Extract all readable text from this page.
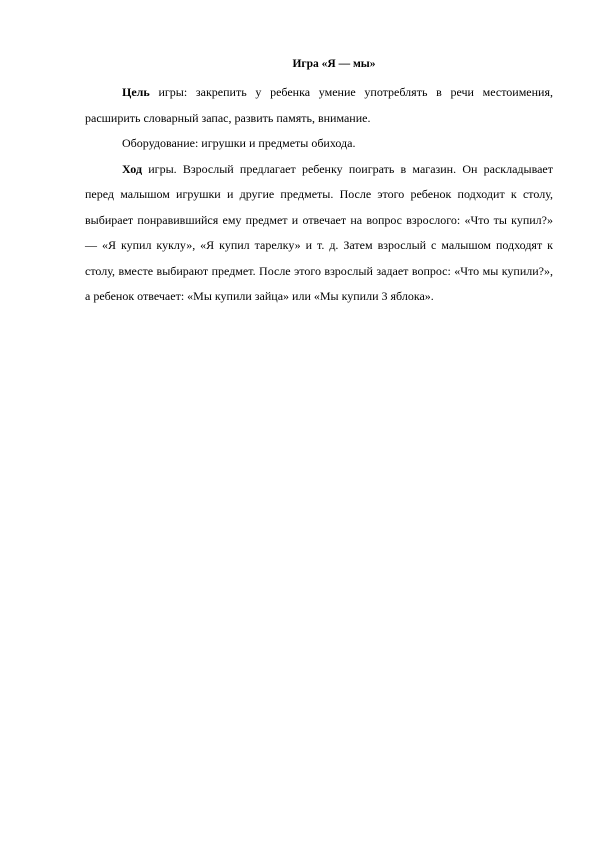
Игра «Я — мы»

Цель игры: закрепить у ребенка умение употреблять в речи местоимения, расширить словарный запас, развить память, внимание.

Оборудование: игрушки и предметы обихода.

Ход игры. Взрослый предлагает ребенку поиграть в магазин. Он раскладывает перед малышом игрушки и другие предметы. После этого ребенок подходит к столу, выбирает понравившийся ему предмет и отвечает на вопрос взрослого: «Что ты купил?» — «Я купил куклу», «Я купил тарелку» и т. д. Затем взрослый с малышом подходят к столу, вместе выбирают предмет. После этого взрослый задает вопрос: «Что мы купили?», а ребенок отвечает: «Мы купили зайца» или «Мы купили 3 яблока».
